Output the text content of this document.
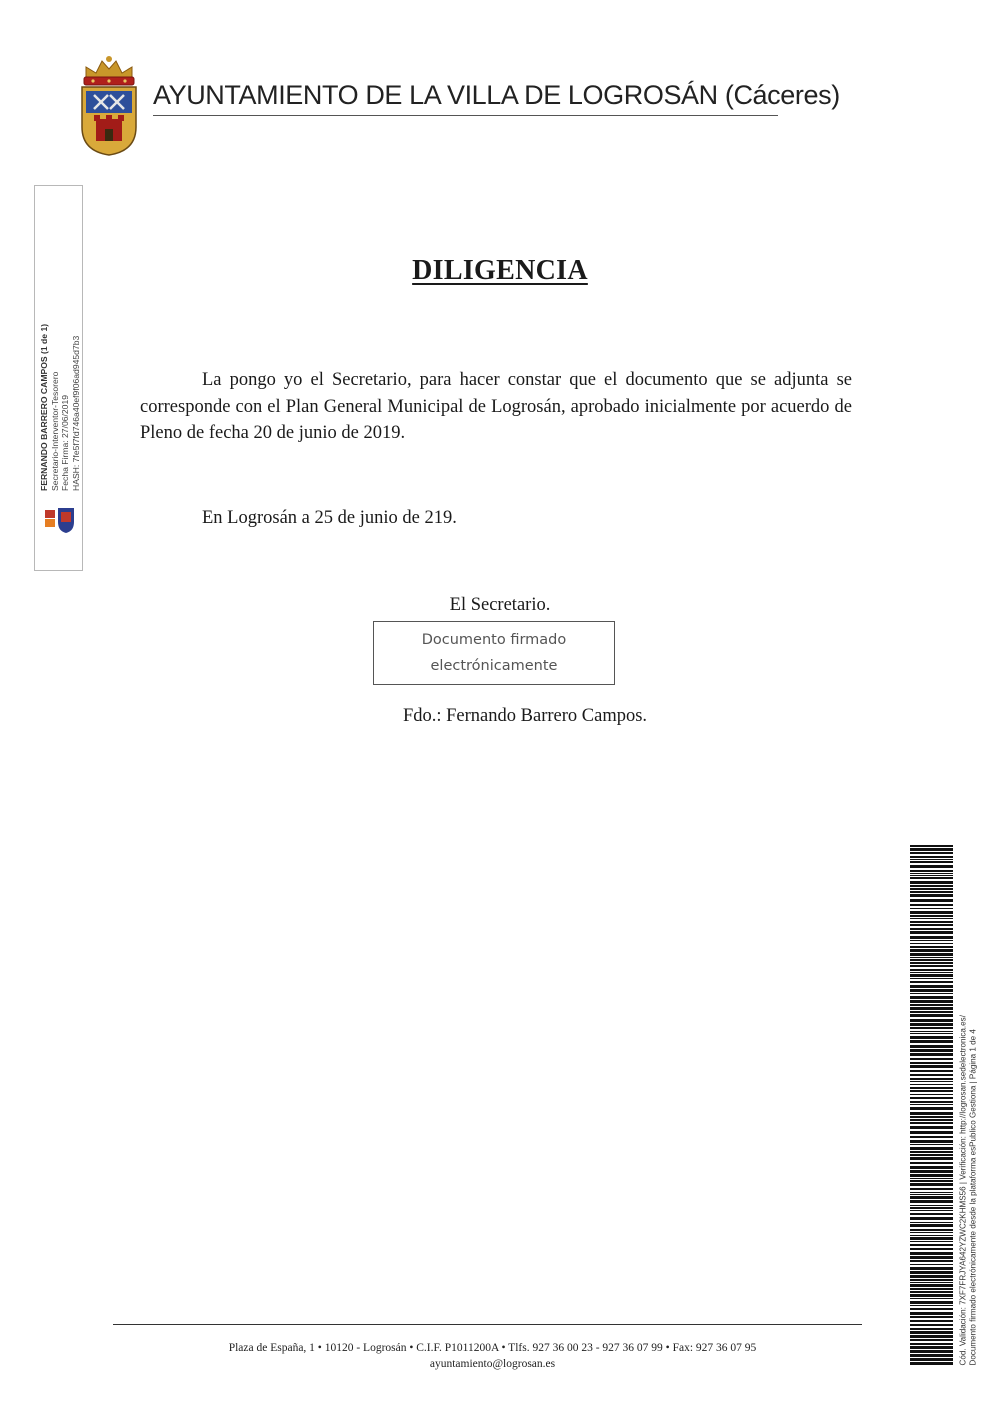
AYUNTAMIENTO DE LA VILLA DE LOGROSÁN (Cáceres)
FERNANDO BARRERO CAMPOS (1 de 1) Secretario-Interventor-Tesorero Fecha Firma: 27/06/2019 HASH: 7fe5f7fd746a40ef9f06ad945d7b3
DILIGENCIA

La pongo yo el Secretario, para hacer constar que el documento que se adjunta se corresponde con el Plan General Municipal de Logrosán, aprobado inicialmente por acuerdo de Pleno de fecha 20 de junio de 2019.

En Logrosán a 25 de junio de 219.

El Secretario.
Documento firmado
electrónicamente
Fdo.: Fernando Barrero Campos.
Cód. Validación: 7XF7FRJYA642YZWC2KHMS56 | Verificación: http://logrosan.sedelectronica.es/ Documento firmado electrónicamente desde la plataforma esPublico Gestiona | Página 1 de 4
Plaza de España, 1 • 10120 - Logrosán • C.I.F. P1011200A • Tlfs. 927 36 00 23 - 927 36 07 99 • Fax: 927 36 07 95
ayuntamiento@logrosan.es
